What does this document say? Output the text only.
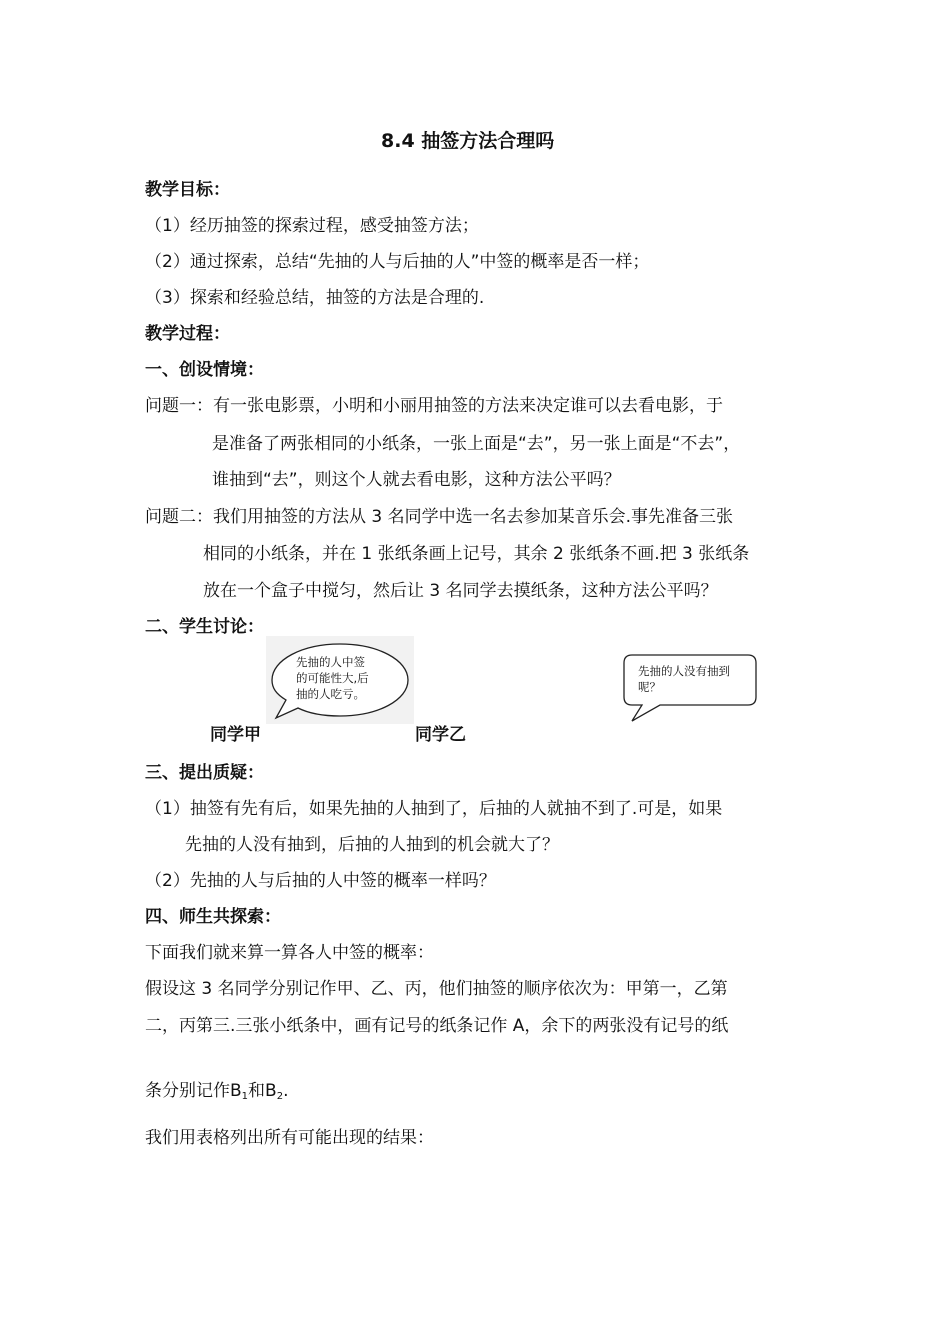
8.4 抽签方法合理吗
教学目标：
（1）经历抽签的探索过程，感受抽签方法；
（2）通过探索，总结“先抽的人与后抽的人”中签的概率是否一样；
（3）探索和经验总结，抽签的方法是合理的.
教学过程：
一、创设情境：
问题一：有一张电影票，小明和小丽用抽签的方法来决定谁可以去看电影，于
是准备了两张相同的小纸条，一张上面是“去”，另一张上面是“不去”，
谁抽到“去”，则这个人就去看电影，这种方法公平吗？
问题二：我们用抽签的方法从 3 名同学中选一名去参加某音乐会.事先准备三张
相同的小纸条，并在 1 张纸条画上记号，其余 2 张纸条不画.把 3 张纸条
放在一个盒子中搅匀，然后让 3 名同学去摸纸条，这种方法公平吗？
二、学生讨论：
先抽的人中签
的可能性大,后
抽的人吃亏。
先抽的人没有抽到
呢？
同学甲	同学乙
三、提出质疑：
（1）抽签有先有后，如果先抽的人抽到了，后抽的人就抽不到了.可是，如果
先抽的人没有抽到，后抽的人抽到的机会就大了？
（2）先抽的人与后抽的人中签的概率一样吗？
四、师生共探索：
下面我们就来算一算各人中签的概率：
假设这 3 名同学分别记作甲、乙、丙，他们抽签的顺序依次为：甲第一，乙第
二，丙第三.三张小纸条中，画有记号的纸条记作 A，余下的两张没有记号的纸
条分别记作B1和B2.
我们用表格列出所有可能出现的结果：
